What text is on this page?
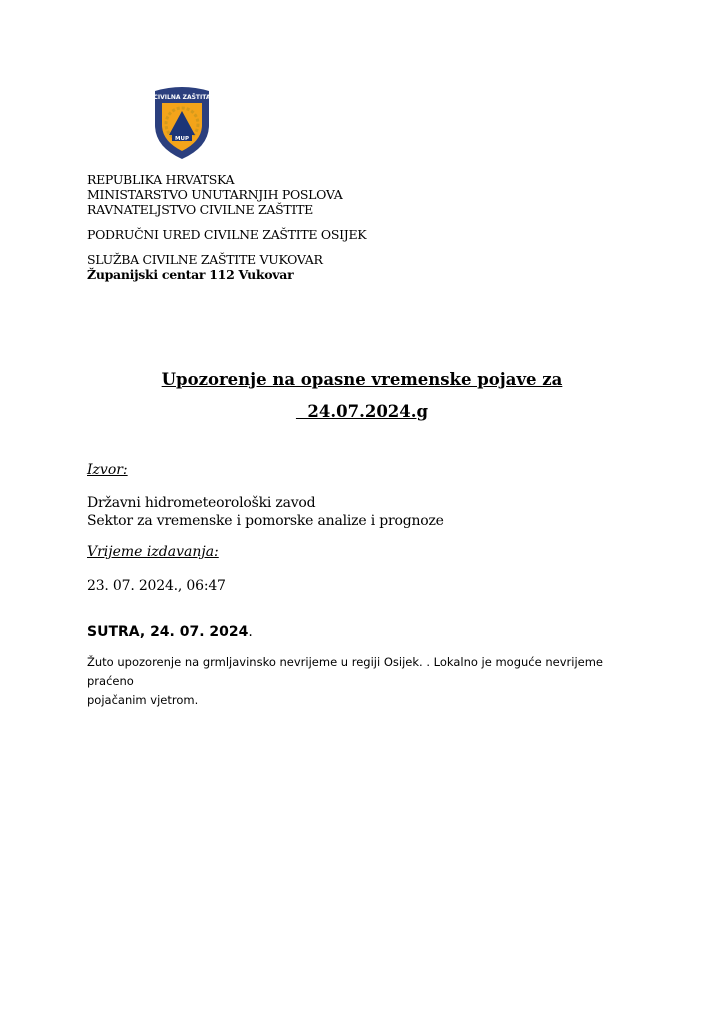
CIVILNA ZAŠTITA
MUP
REPUBLIKA HRVATSKA
MINISTARSTVO UNUTARNJIH POSLOVA
RAVNATELJSTVO CIVILNE ZAŠTITE
PODRUČNI URED CIVILNE ZAŠTITE OSIJEK
SLUŽBA CIVILNE ZAŠTITE VUKOVAR
Županijski centar 112 Vukovar
Upozorenje na opasne vremenske pojave za
24.07.2024.g
Izvor:
Državni hidrometeorološki zavod
Sektor za vremenske i pomorske analize i prognoze
Vrijeme izdavanja:
23. 07. 2024., 06:47
SUTRA, 24. 07. 2024.
Žuto upozorenje na grmljavinsko nevrijeme u regiji Osijek. . Lokalno je moguće nevrijeme praćeno
pojačanim vjetrom.
